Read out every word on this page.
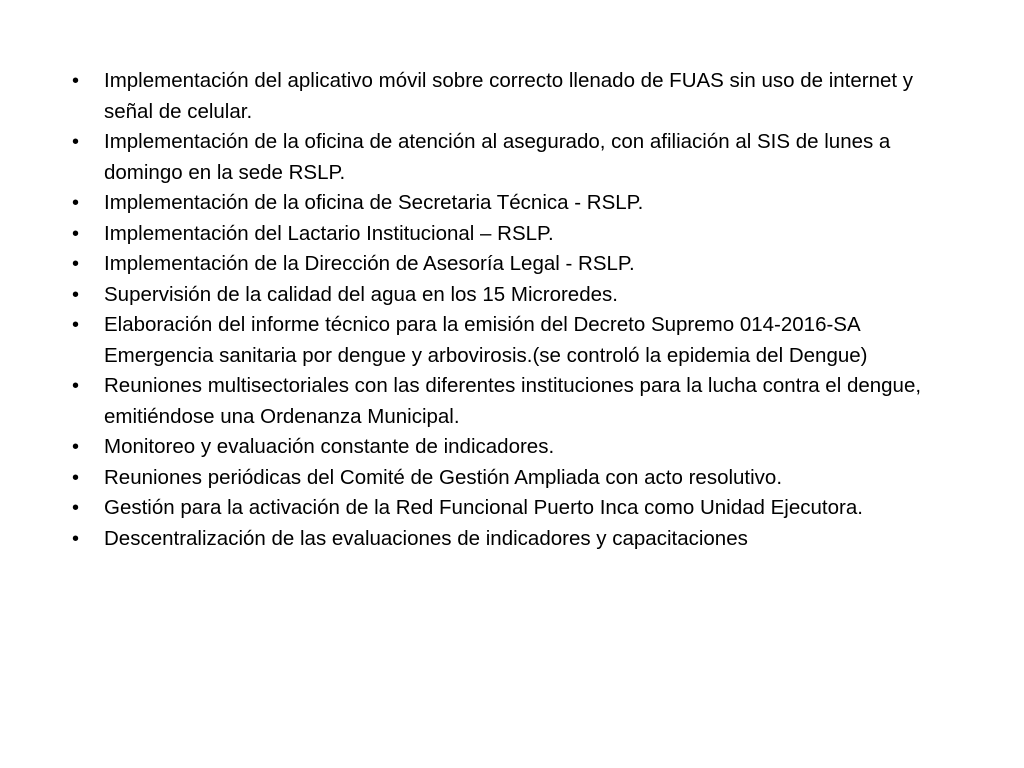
•	Implementación del aplicativo móvil sobre correcto llenado de FUAS sin uso de internet y señal de celular.
•	Implementación de la oficina de atención al asegurado, con afiliación al SIS de lunes a domingo en la sede RSLP.
•	Implementación de la oficina de Secretaria Técnica - RSLP.
•	Implementación del Lactario Institucional – RSLP.
•	Implementación de la Dirección de Asesoría Legal - RSLP.
•	Supervisión de la calidad del agua en los 15 Microredes.
•	Elaboración del informe técnico para la emisión del Decreto Supremo 014-2016-SA Emergencia sanitaria por dengue y arbovirosis.(se controló la epidemia del Dengue)
•	Reuniones multisectoriales con las diferentes instituciones para la lucha contra el dengue, emitiéndose una Ordenanza Municipal.
•	Monitoreo y evaluación constante de indicadores.
•	Reuniones periódicas del Comité de Gestión Ampliada con acto resolutivo.
•	Gestión para la activación de la Red Funcional Puerto Inca como Unidad Ejecutora.
•	Descentralización de las evaluaciones de indicadores y capacitaciones
